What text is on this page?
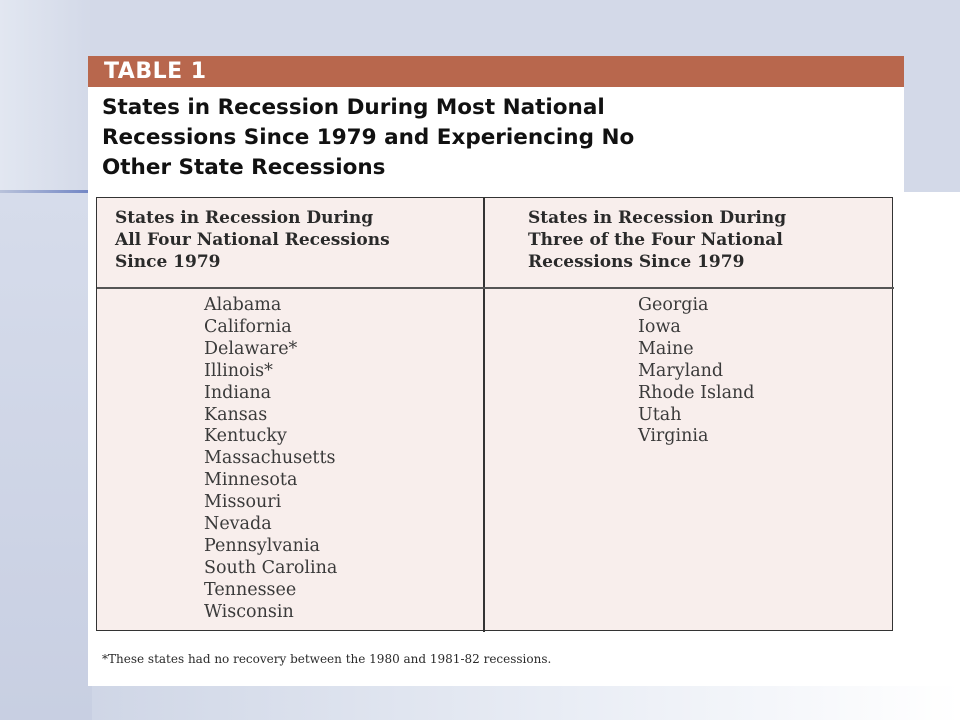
TABLE 1
States in Recession During Most National
Recessions Since 1979 and Experiencing No
Other State Recessions
States in Recession During
All Four National Recessions
Since 1979
States in Recession During
Three of the Four National
Recessions Since 1979
Alabama
California
Delaware*
Illinois*
Indiana
Kansas
Kentucky
Massachusetts
Minnesota
Missouri
Nevada
Pennsylvania
South Carolina
Tennessee
Wisconsin
Georgia
Iowa
Maine
Maryland
Rhode Island
Utah
Virginia
*These states had no recovery between the 1980 and 1981-82 recessions.
